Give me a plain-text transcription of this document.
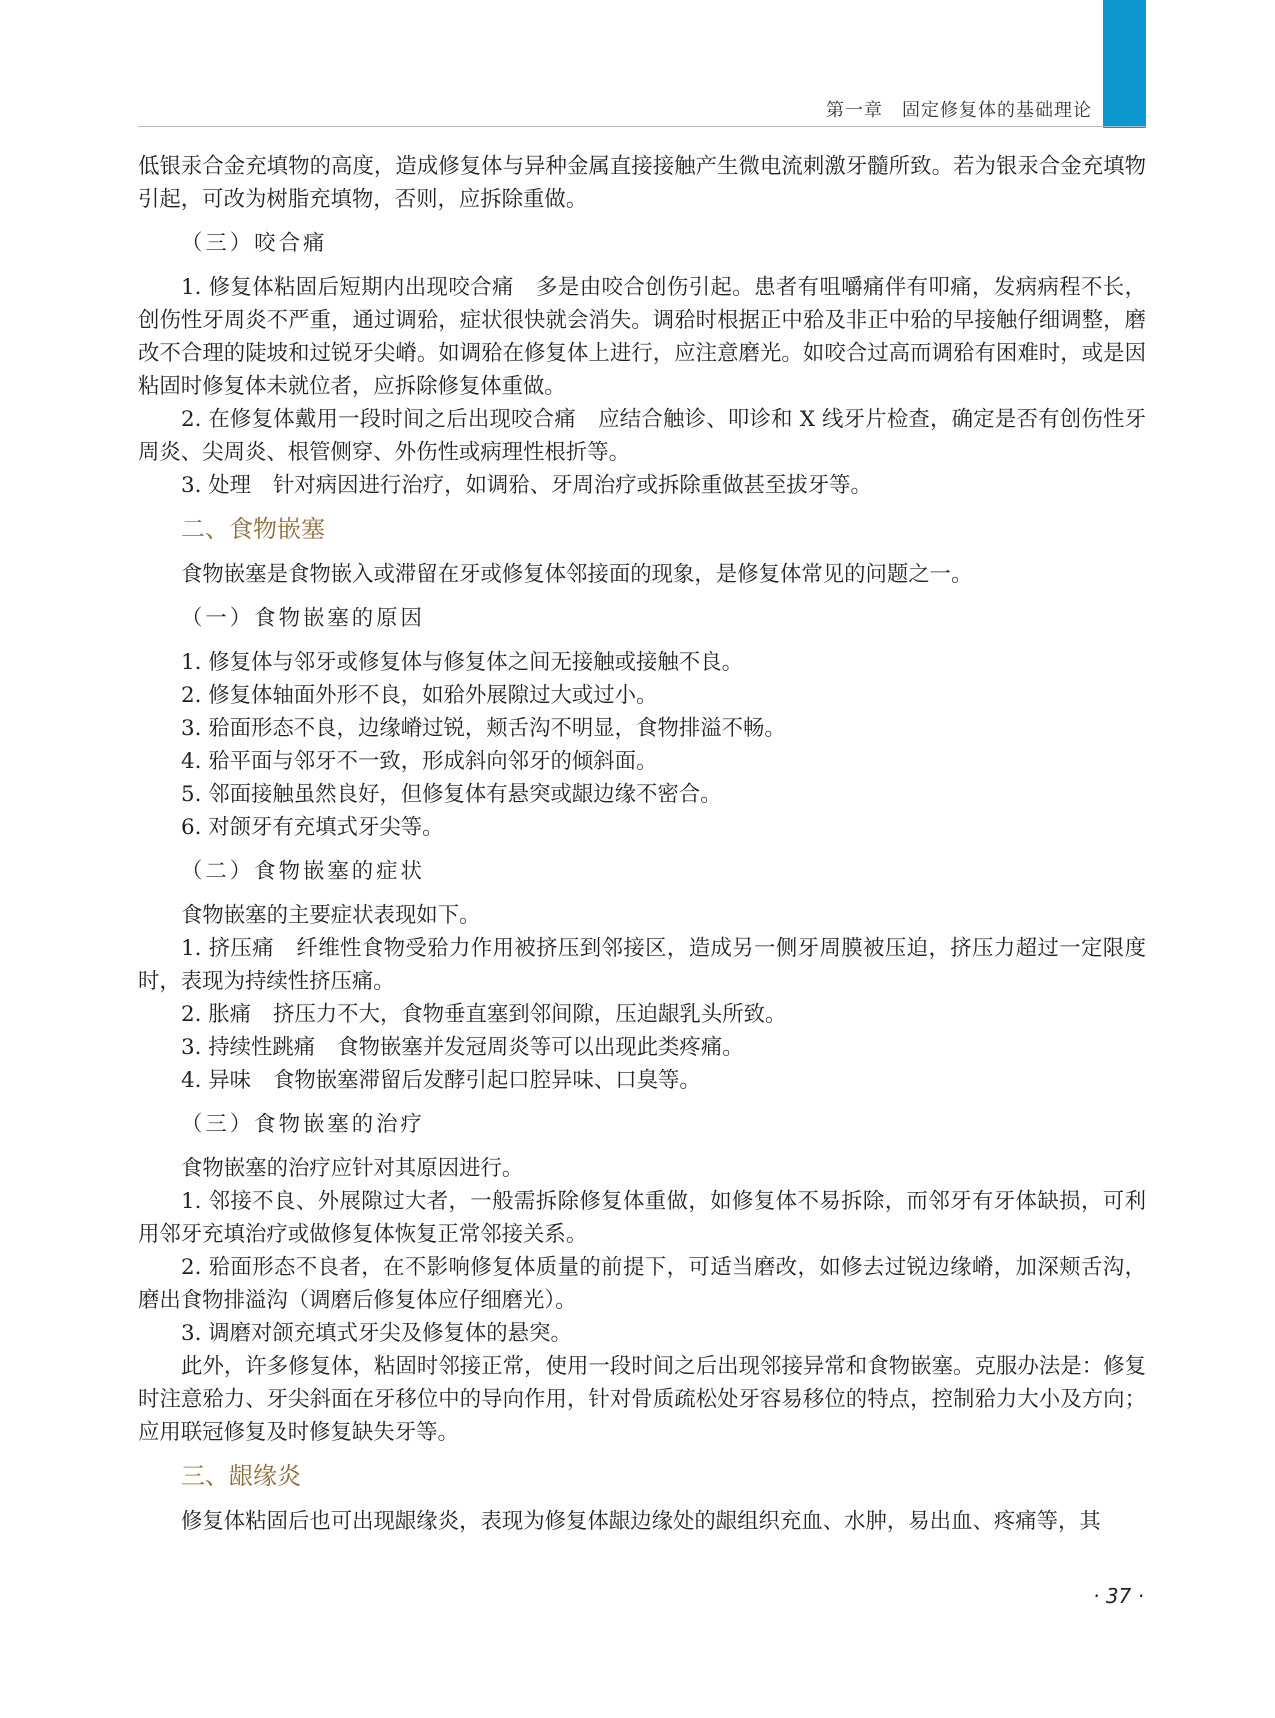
第一章　固定修复体的基础理论

低银汞合金充填物的高度，造成修复体与异种金属直接接触产生微电流刺激牙髓所致。若为银汞合金充填物引起，可改为树脂充填物，否则，应拆除重做。

（三）咬合痛

1. 修复体粘固后短期内出现咬合痛 多是由咬合创伤引起。患者有咀嚼痛伴有叩痛，发病病程不长，创伤性牙周炎不严重，通过调𬌗，症状很快就会消失。调𬌗时根据正中𬌗及非正中𬌗的早接触仔细调整，磨改不合理的陡坡和过锐牙尖嵴。如调𬌗在修复体上进行，应注意磨光。如咬合过高而调𬌗有困难时，或是因粘固时修复体未就位者，应拆除修复体重做。

2. 在修复体戴用一段时间之后出现咬合痛 应结合触诊、叩诊和 X 线牙片检查，确定是否有创伤性牙周炎、尖周炎、根管侧穿、外伤性或病理性根折等。

3. 处理 针对病因进行治疗，如调𬌗、牙周治疗或拆除重做甚至拔牙等。

二、食物嵌塞

食物嵌塞是食物嵌入或滞留在牙或修复体邻接面的现象，是修复体常见的问题之一。

（一）食物嵌塞的原因

1. 修复体与邻牙或修复体与修复体之间无接触或接触不良。

2. 修复体轴面外形不良，如𬌗外展隙过大或过小。

3. 𬌗面形态不良，边缘嵴过锐，颊舌沟不明显，食物排溢不畅。

4. 𬌗平面与邻牙不一致，形成斜向邻牙的倾斜面。

5. 邻面接触虽然良好，但修复体有悬突或龈边缘不密合。

6. 对颌牙有充填式牙尖等。

（二）食物嵌塞的症状

食物嵌塞的主要症状表现如下。

1. 挤压痛 纤维性食物受𬌗力作用被挤压到邻接区，造成另一侧牙周膜被压迫，挤压力超过一定限度时，表现为持续性挤压痛。

2. 胀痛 挤压力不大，食物垂直塞到邻间隙，压迫龈乳头所致。

3. 持续性跳痛 食物嵌塞并发冠周炎等可以出现此类疼痛。

4. 异味 食物嵌塞滞留后发酵引起口腔异味、口臭等。

（三）食物嵌塞的治疗

食物嵌塞的治疗应针对其原因进行。

1. 邻接不良、外展隙过大者，一般需拆除修复体重做，如修复体不易拆除，而邻牙有牙体缺损，可利用邻牙充填治疗或做修复体恢复正常邻接关系。

2. 𬌗面形态不良者，在不影响修复体质量的前提下，可适当磨改，如修去过锐边缘嵴，加深颊舌沟，磨出食物排溢沟（调磨后修复体应仔细磨光）。

3. 调磨对颌充填式牙尖及修复体的悬突。

此外，许多修复体，粘固时邻接正常，使用一段时间之后出现邻接异常和食物嵌塞。克服办法是：修复时注意𬌗力、牙尖斜面在牙移位中的导向作用，针对骨质疏松处牙容易移位的特点，控制𬌗力大小及方向；应用联冠修复及时修复缺失牙等。

三、龈缘炎

修复体粘固后也可出现龈缘炎，表现为修复体龈边缘处的龈组织充血、水肿，易出血、疼痛等，其

· 37 ·
